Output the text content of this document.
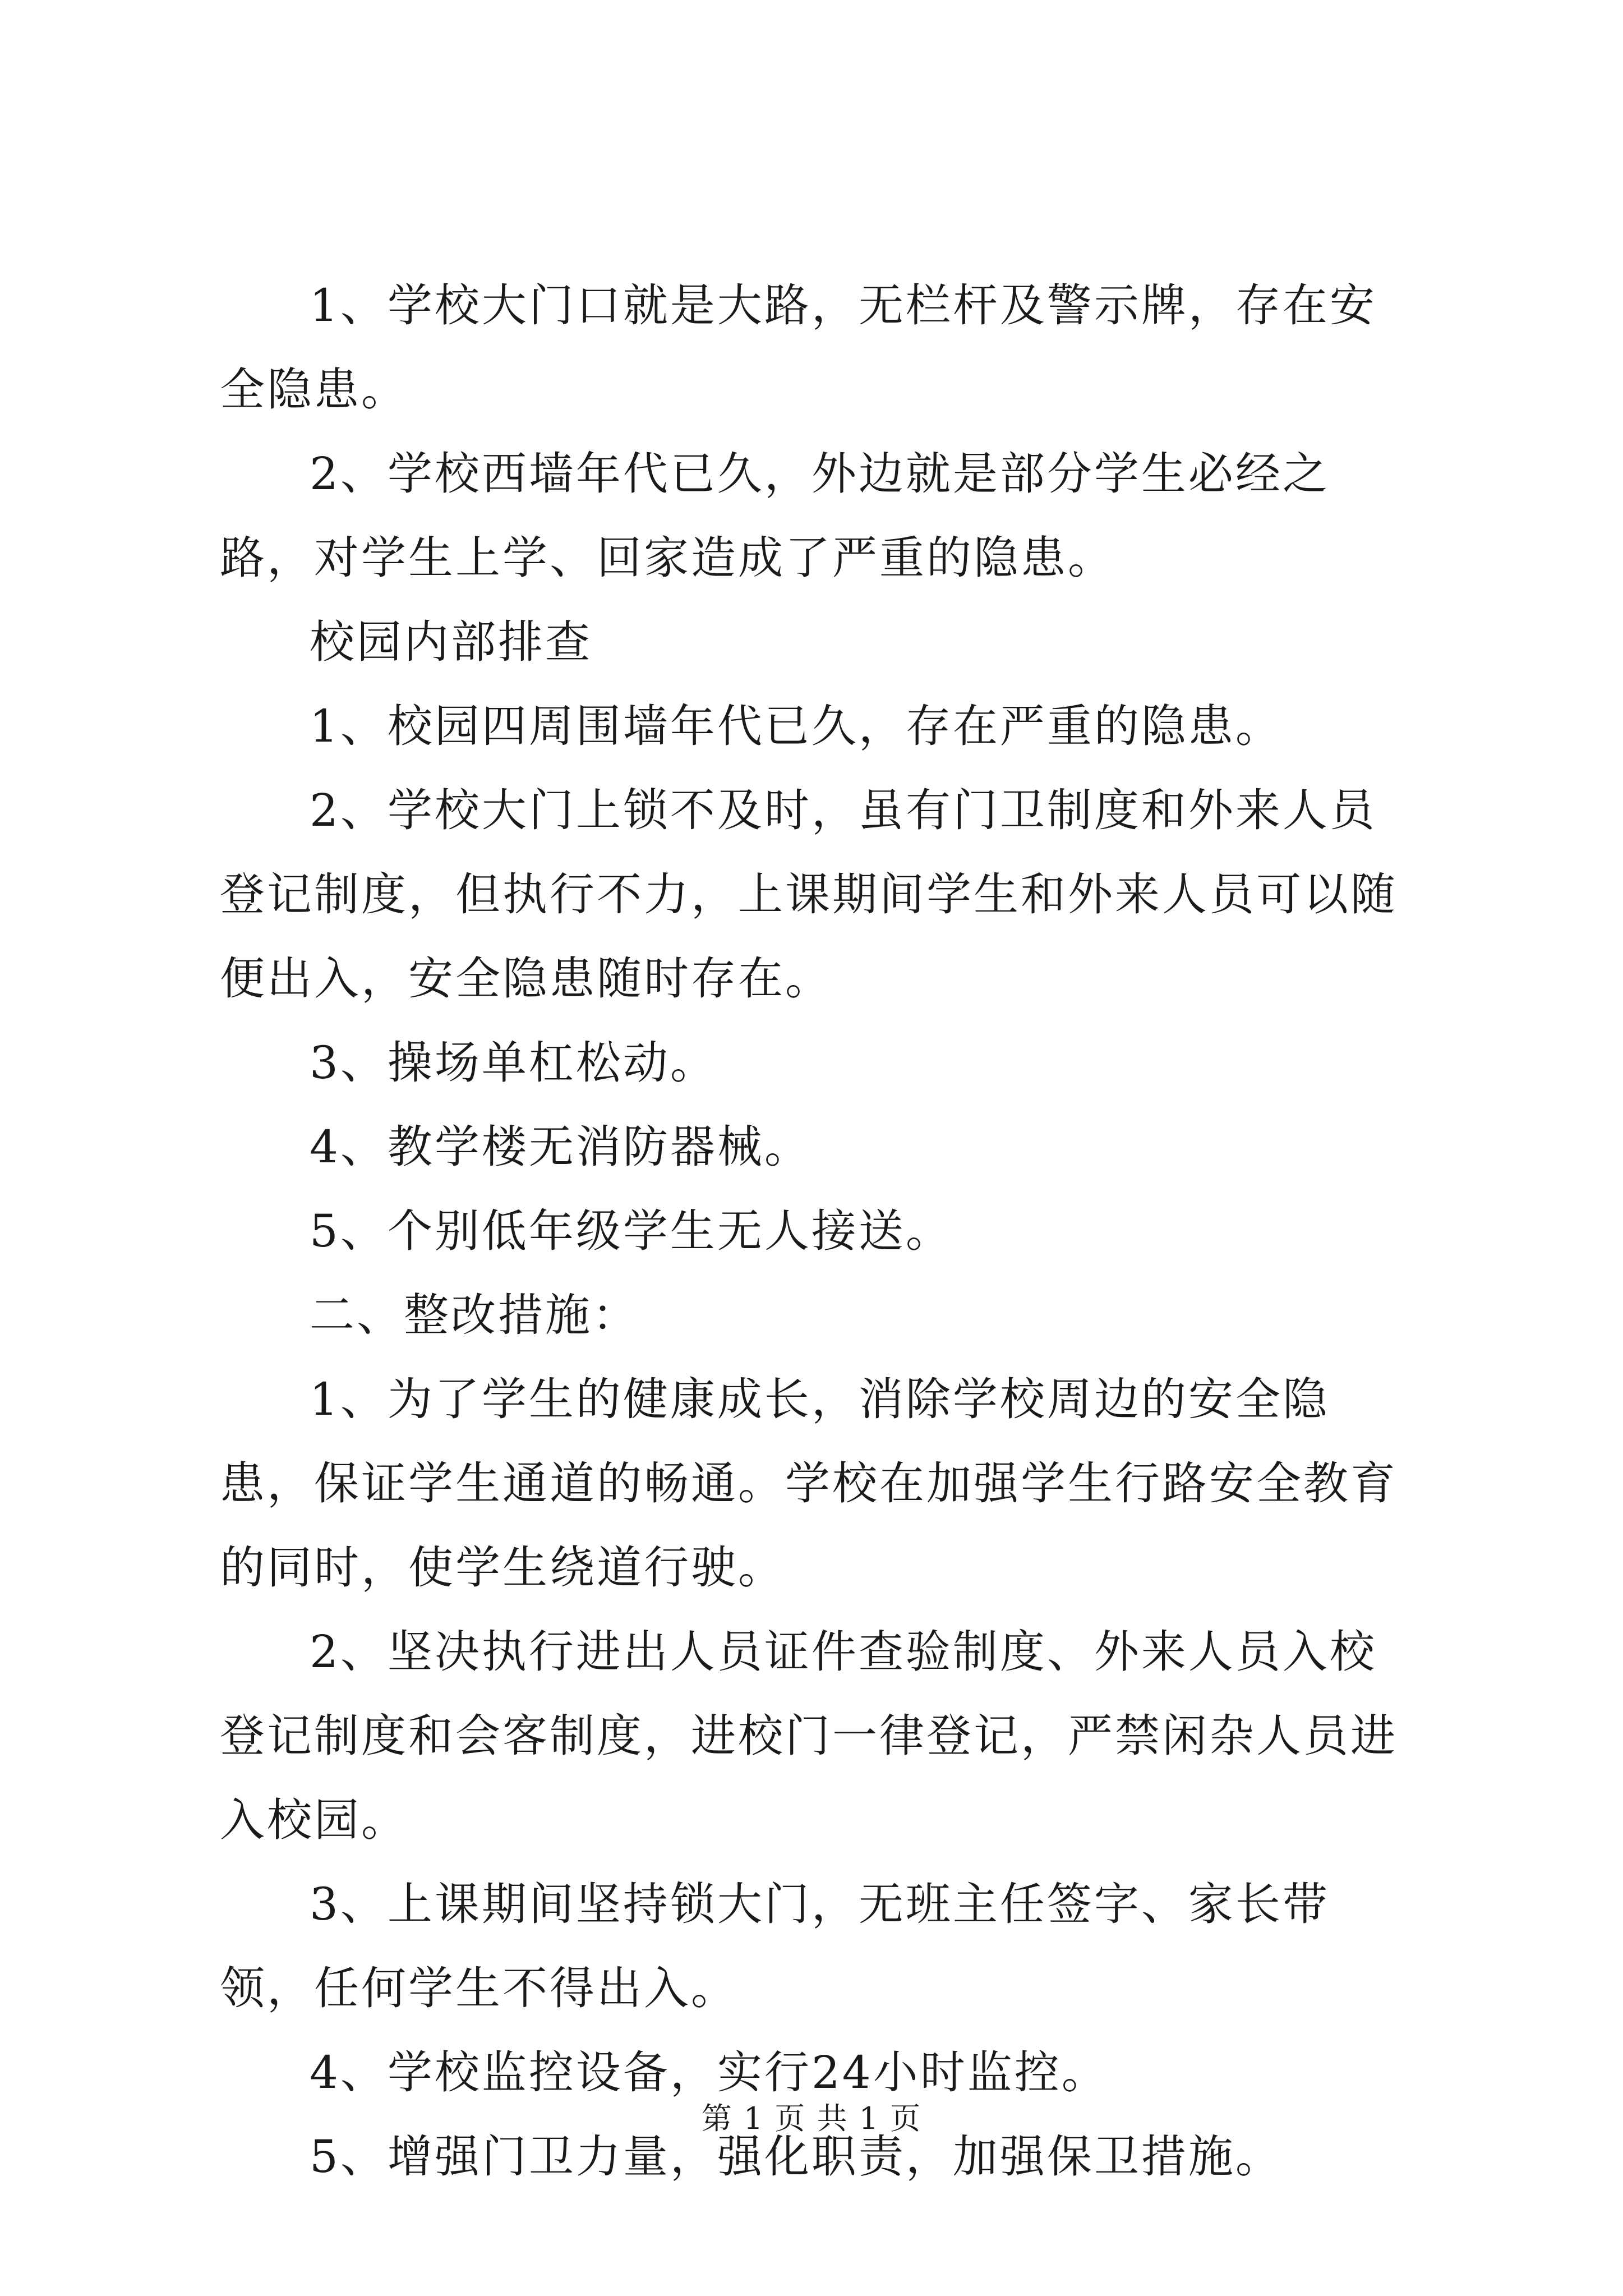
1、学校大门口就是大路，无栏杆及警示牌，存在安全隐患。

2、学校西墙年代已久，外边就是部分学生必经之路，对学生上学、回家造成了严重的隐患。

校园内部排查

1、校园四周围墙年代已久，存在严重的隐患。

2、学校大门上锁不及时，虽有门卫制度和外来人员登记制度，但执行不力，上课期间学生和外来人员可以随便出入，安全隐患随时存在。

3、操场单杠松动。

4、教学楼无消防器械。

5、个别低年级学生无人接送。

二、整改措施：

1、为了学生的健康成长，消除学校周边的安全隐患，保证学生通道的畅通。学校在加强学生行路安全教育的同时，使学生绕道行驶。

2、坚决执行进出人员证件查验制度、外来人员入校登记制度和会客制度，进校门一律登记，严禁闲杂人员进入校园。

3、上课期间坚持锁大门，无班主任签字、家长带领，任何学生不得出入。

4、学校监控设备，实行24小时监控。

5、增强门卫力量，强化职责，加强保卫措施。

第 1 页 共 1 页
